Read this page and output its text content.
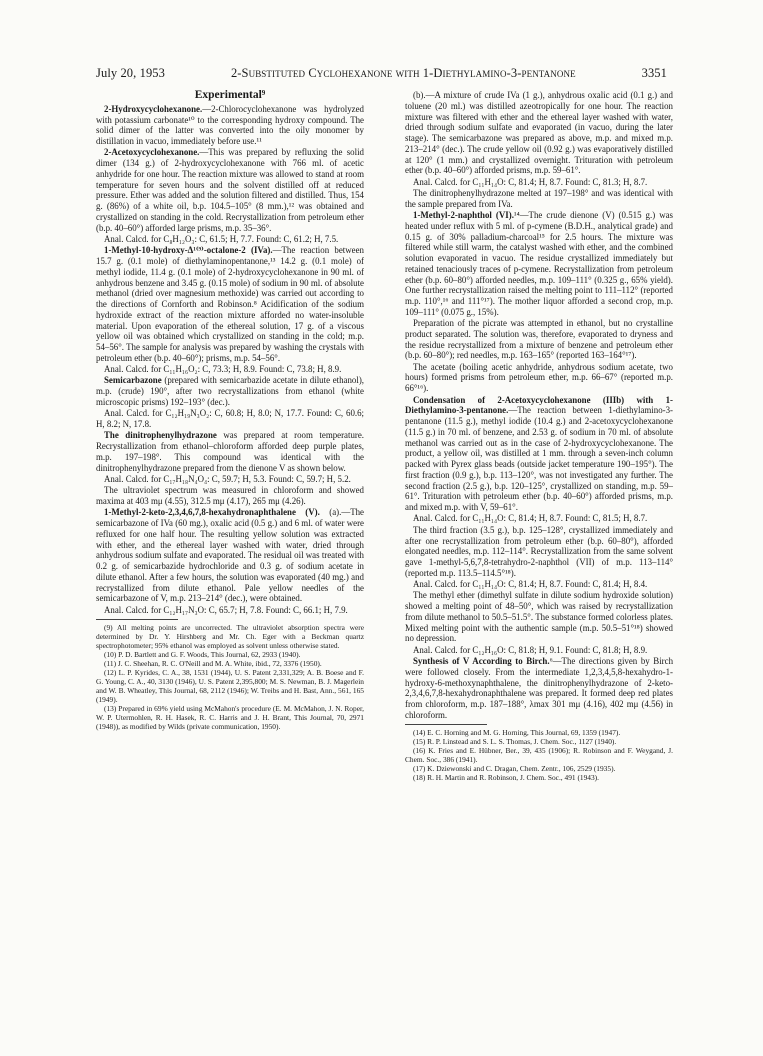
July 20, 1953	2-Substituted Cyclohexanone with 1-Diethylamino-3-pentanone	3351
Experimental⁹

2-Hydroxycyclohexanone.—2-Chlorocyclohexanone was hydrolyzed with potassium carbonate¹⁰ to the corresponding hydroxy compound. The solid dimer of the latter was converted into the oily monomer by distillation in vacuo, immediately before use.¹¹

2-Acetoxycyclohexanone.—This was prepared by refluxing the solid dimer (134 g.) of 2-hydroxycyclohexanone with 766 ml. of acetic anhydride for one hour. The reaction mixture was allowed to stand at room temperature for seven hours and the solvent distilled off at reduced pressure. Ether was added and the solution filtered and distilled. Thus, 154 g. (86%) of a white oil, b.p. 104.5–105° (8 mm.),¹² was obtained and crystallized on standing in the cold. Recrystallization from petroleum ether (b.p. 40–60°) afforded large prisms, m.p. 35–36°.

Anal. Calcd. for C₈H₁₂O₃: C, 61.5; H, 7.7. Found: C, 61.2; H, 7.5.

1-Methyl-10-hydroxy-Δ¹⁽⁹⁾-octalone-2 (IVa).—The reaction between 15.7 g. (0.1 mole) of diethylaminopentanone,¹³ 14.2 g. (0.1 mole) of methyl iodide, 11.4 g. (0.1 mole) of 2-hydroxycyclohexanone in 90 ml. of anhydrous benzene and 3.45 g. (0.15 mole) of sodium in 90 ml. of absolute methanol (dried over magnesium methoxide) was carried out according to the directions of Cornforth and Robinson.⁸ Acidification of the sodium hydroxide extract of the reaction mixture afforded no water-insoluble material. Upon evaporation of the ethereal solution, 17 g. of a viscous yellow oil was obtained which crystallized on standing in the cold; m.p. 54–56°. The sample for analysis was prepared by washing the crystals with petroleum ether (b.p. 40–60°); prisms, m.p. 54–56°.

Anal. Calcd. for C₁₁H₁₆O₂: C, 73.3; H, 8.9. Found: C, 73.8; H, 8.9.

Semicarbazone (prepared with semicarbazide acetate in dilute ethanol), m.p. (crude) 190°, after two recrystallizations from ethanol (white microscopic prisms) 192–193° (dec.).

Anal. Calcd. for C₁₂H₁₉N₃O₂: C, 60.8; H, 8.0; N, 17.7. Found: C, 60.6; H, 8.2; N, 17.8.

The dinitrophenylhydrazone was prepared at room temperature. Recrystallization from ethanol–chloroform afforded deep purple plates, m.p. 197–198°. This compound was identical with the dinitrophenylhydrazone prepared from the dienone V as shown below.

Anal. Calcd. for C₁₇H₁₈N₄O₄: C, 59.7; H, 5.3. Found: C, 59.7; H, 5.2.

The ultraviolet spectrum was measured in chloroform and showed maxima at 403 mμ (4.55), 312.5 mμ (4.17), 265 mμ (4.26).

1-Methyl-2-keto-2,3,4,6,7,8-hexahydronaphthalene (V). (a).—The semicarbazone of IVa (60 mg.), oxalic acid (0.5 g.) and 6 ml. of water were refluxed for one half hour. The resulting yellow solution was extracted with ether, and the ethereal layer washed with water, dried through anhydrous sodium sulfate and evaporated. The residual oil was treated with 0.2 g. of semicarbazide hydrochloride and 0.3 g. of sodium acetate in dilute ethanol. After a few hours, the solution was evaporated (40 mg.) and recrystallized from dilute ethanol. Pale yellow needles of the semicarbazone of V, m.p. 213–214° (dec.), were obtained.

Anal. Calcd. for C₁₂H₁₇N₃O: C, 65.7; H, 7.8. Found: C, 66.1; H, 7.9.

(9) All melting points are uncorrected. The ultraviolet absorption spectra were determined by Dr. Y. Hirshberg and Mr. Ch. Eger with a Beckman quartz spectrophotometer; 95% ethanol was employed as solvent unless otherwise stated.

(10) P. D. Bartlett and G. F. Woods, This Journal, 62, 2933 (1940).

(11) J. C. Sheehan, R. C. O'Neill and M. A. White, ibid., 72, 3376 (1950).

(12) L. P. Kyrides, C. A., 38, 1531 (1944), U. S. Patent 2,331,329; A. B. Boese and F. G. Young, C. A., 40, 3130 (1946), U. S. Patent 2,395,800; M. S. Newman, B. J. Magerlein and W. B. Wheatley, This Journal, 68, 2112 (1946); W. Treibs and H. Bast, Ann., 561, 165 (1949).

(13) Prepared in 69% yield using McMahon's procedure (E. M. McMahon, J. N. Roper, W. P. Utermohlen, R. H. Hasek, R. C. Harris and J. H. Brant, This Journal, 70, 2971 (1948)), as modified by Wilds (private communication, 1950).

(b).—A mixture of crude IVa (1 g.), anhydrous oxalic acid (0.1 g.) and toluene (20 ml.) was distilled azeotropically for one hour. The reaction mixture was filtered with ether and the ethereal layer washed with water, dried through sodium sulfate and evaporated (in vacuo, during the later stage). The semicarbazone was prepared as above, m.p. and mixed m.p. 213–214° (dec.). The crude yellow oil (0.92 g.) was evaporatively distilled at 120° (1 mm.) and crystallized overnight. Trituration with petroleum ether (b.p. 40–60°) afforded prisms, m.p. 59–61°.

Anal. Calcd. for C₁₁H₁₄O: C, 81.4; H, 8.7. Found: C, 81.3; H, 8.7.

The dinitrophenylhydrazone melted at 197–198° and was identical with the sample prepared from IVa.

1-Methyl-2-naphthol (VI).¹⁴—The crude dienone (V) (0.515 g.) was heated under reflux with 5 ml. of p-cymene (B.D.H., analytical grade) and 0.15 g. of 30% palladium-charcoal¹⁵ for 2.5 hours. The mixture was filtered while still warm, the catalyst washed with ether, and the combined solution evaporated in vacuo. The residue crystallized immediately but retained tenaciously traces of p-cymene. Recrystallization from petroleum ether (b.p. 60–80°) afforded needles, m.p. 109–111° (0.325 g., 65% yield). One further recrystallization raised the melting point to 111–112° (reported m.p. 110°,¹⁶ and 111°¹⁷). The mother liquor afforded a second crop, m.p. 109–111° (0.075 g., 15%).

Preparation of the picrate was attempted in ethanol, but no crystalline product separated. The solution was, therefore, evaporated to dryness and the residue recrystallized from a mixture of benzene and petroleum ether (b.p. 60–80°); red needles, m.p. 163–165° (reported 163–164°¹⁷).

The acetate (boiling acetic anhydride, anhydrous sodium acetate, two hours) formed prisms from petroleum ether, m.p. 66–67° (reported m.p. 66°¹⁶).

Condensation of 2-Acetoxycyclohexanone (IIIb) with 1-Diethylamino-3-pentanone.—The reaction between 1-diethylamino-3-pentanone (11.5 g.), methyl iodide (10.4 g.) and 2-acetoxycyclohexanone (11.5 g.) in 70 ml. of benzene, and 2.53 g. of sodium in 70 ml. of absolute methanol was carried out as in the case of 2-hydroxycyclohexanone. The product, a yellow oil, was distilled at 1 mm. through a seven-inch column packed with Pyrex glass beads (outside jacket temperature 190–195°). The first fraction (0.9 g.), b.p. 113–120°, was not investigated any further. The second fraction (2.5 g.), b.p. 120–125°, crystallized on standing, m.p. 59–61°. Trituration with petroleum ether (b.p. 40–60°) afforded prisms, m.p. and mixed m.p. with V, 59–61°.

Anal. Calcd. for C₁₁H₁₄O: C, 81.4; H, 8.7. Found: C, 81.5; H, 8.7.

The third fraction (3.5 g.), b.p. 125–128°, crystallized immediately and after one recrystallization from petroleum ether (b.p. 60–80°), afforded elongated needles, m.p. 112–114°. Recrystallization from the same solvent gave 1-methyl-5,6,7,8-tetrahydro-2-naphthol (VII) of m.p. 113–114° (reported m.p. 113.5–114.5°¹⁸).

Anal. Calcd. for C₁₁H₁₄O: C, 81.4; H, 8.7. Found: C, 81.4; H, 8.4.

The methyl ether (dimethyl sulfate in dilute sodium hydroxide solution) showed a melting point of 48–50°, which was raised by recrystallization from dilute methanol to 50.5–51.5°. The substance formed colorless plates. Mixed melting point with the authentic sample (m.p. 50.5–51°¹⁸) showed no depression.

Anal. Calcd. for C₁₂H₁₆O: C, 81.8; H, 9.1. Found: C, 81.8; H, 8.9.

Synthesis of V According to Birch.⁶—The directions given by Birch were followed closely. From the intermediate 1,2,3,4,5,8-hexahydro-1-hydroxy-6-methoxynaphthalene, the dinitrophenylhydrazone of 2-keto-2,3,4,6,7,8-hexahydronaphthalene was prepared. It formed deep red plates from chloroform, m.p. 187–188°, λmax 301 mμ (4.16), 402 mμ (4.56) in chloroform.

(14) E. C. Horning and M. G. Horning, This Journal, 69, 1359 (1947).

(15) R. P. Linstead and S. L. S. Thomas, J. Chem. Soc., 1127 (1940).

(16) K. Fries and E. Hübner, Ber., 39, 435 (1906); R. Robinson and F. Weygand, J. Chem. Soc., 386 (1941).

(17) K. Dziewonski and C. Dragan, Chem. Zentr., 106, 2529 (1935).

(18) R. H. Martin and R. Robinson, J. Chem. Soc., 491 (1943).
